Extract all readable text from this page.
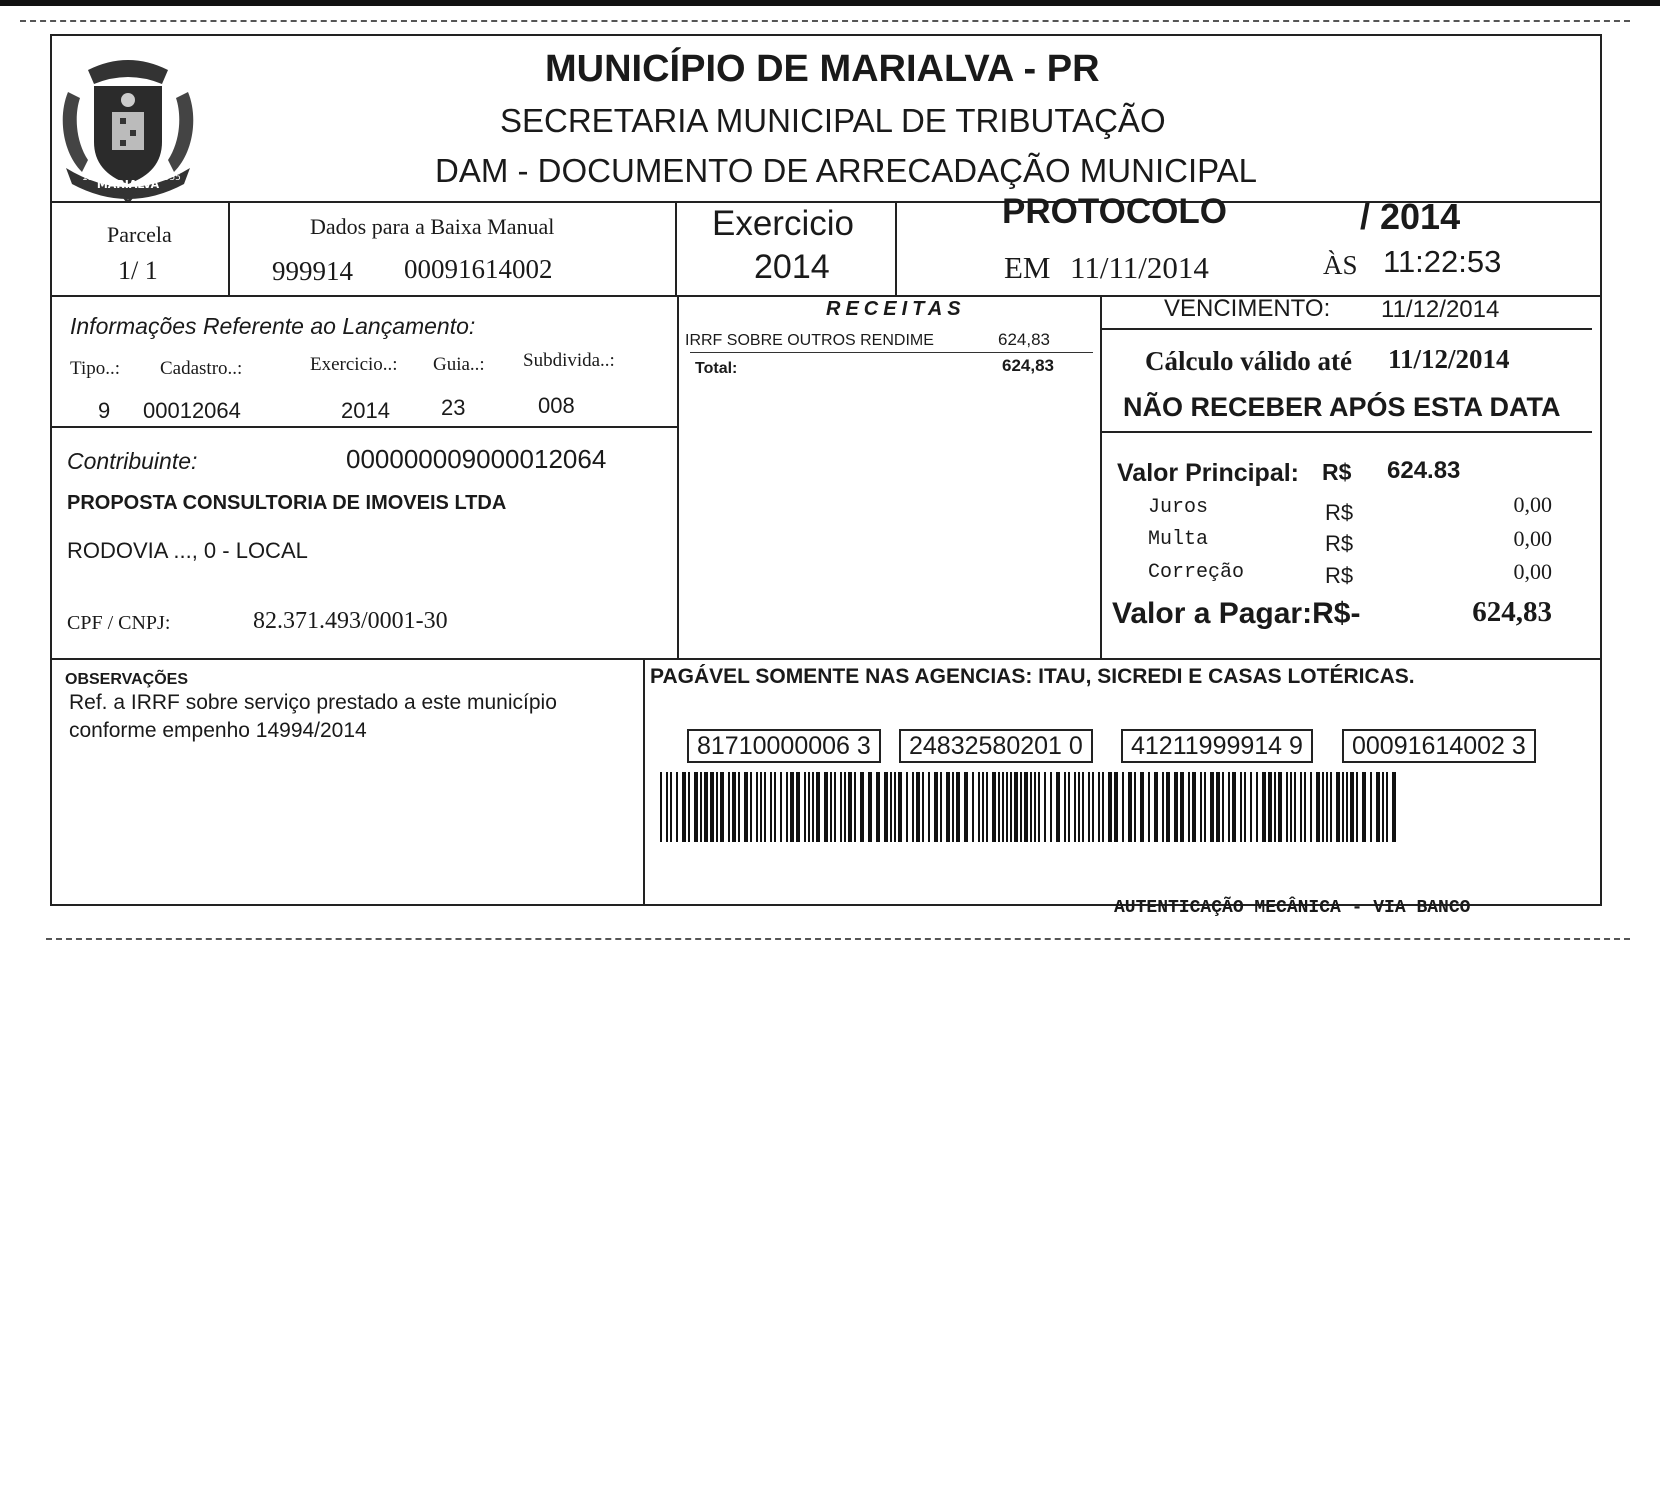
MARIALVA
1951	1955
MUNICÍPIO DE MARIALVA - PR
SECRETARIA MUNICIPAL DE TRIBUTAÇÃO
DAM - DOCUMENTO DE ARRECADAÇÃO MUNICIPAL
Parcela
1/ 1
Dados para a Baixa Manual
999914 00091614002
Exercicio
2014
PROTOCOLO	/ 2014
EM 11/11/2014	ÀS 11:22:53
Informações Referente ao Lançamento:
Tipo..: Cadastro..:	Exercicio..: Guia..: Subdivida..:
9 00012064	2014 23	008
Contribuinte:	000000009000012064
PROPOSTA CONSULTORIA DE IMOVEIS LTDA
RODOVIA ..., 0 - LOCAL
CPF / CNPJ:	82.371.493/0001-30
RECEITAS
IRRF SOBRE OUTROS RENDIME	624,83
Total:	624,83
VENCIMENTO: 11/12/2014
Cálculo válido até 11/12/2014
NÃO RECEBER APÓS ESTA DATA
Valor Principal: R$ 624.83
Juros	R$	0,00
Multa	R$	0,00
Correção	R$	0,00
Valor a Pagar:R$-	624,83
OBSERVAÇÕES
Ref. a IRRF sobre serviço prestado a este município
conforme empenho 14994/2014
PAGÁVEL SOMENTE NAS AGENCIAS: ITAU, SICREDI E CASAS LOTÉRICAS.
81710000006 3	24832580201 0	41211999914 9	00091614002 3
AUTENTICAÇÃO MECÂNICA - VIA BANCO
